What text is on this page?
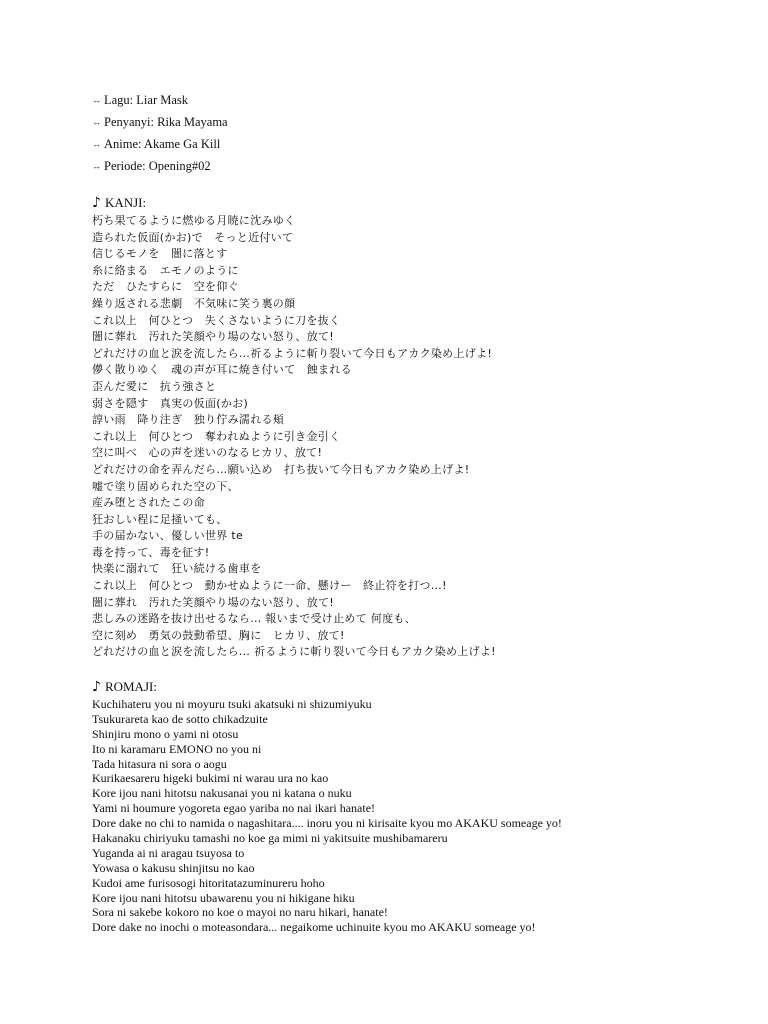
↔ Lagu: Liar Mask
↔ Penyanyi: Rika Mayama
↔ Anime: Akame Ga Kill
↔ Periode: Opening#02
♪ KANJI:
朽ち果てるように燃ゆる月暁に沈みゆく
造られた仮面(かお)で　そっと近付いて
信じるモノを　闇に落とす
糸に絡まる　エモノのように
ただ　ひたすらに　空を仰ぐ
繰り返される悲劇　不気味に笑う裏の顔
これ以上　何ひとつ　失くさないように刀を抜く
闇に葬れ　汚れた笑顔やり場のない怒り、放て!
どれだけの血と涙を流したら…祈るように斬り裂いて今日もアカク染め上げよ!
儚く散りゆく　魂の声が耳に焼き付いて　蝕まれる
歪んだ愛に　抗う強さと
弱さを隠す　真実の仮面(かお)
諄い雨　降り注ぎ　独り佇み濡れる頬
これ以上　何ひとつ　奪われぬように引き金引く
空に叫べ　心の声を迷いのなるヒカリ、放て!
どれだけの命を弄んだら…願い込め　打ち抜いて今日もアカク染め上げよ!
嘘で塗り固められた空の下、
産み堕とされたこの命
狂おしい程に足掻いても、
手の届かない、優しい世界 te
毒を持って、毒を征す!
快楽に溺れて　狂い続ける歯車を
これ以上　何ひとつ　動かせぬように一命、懸けー　終止符を打つ…!
闇に葬れ　汚れた笑顔やり場のない怒り、放て!
悲しみの迷路を抜け出せるなら… 報いまで受け止めて 何度も、
空に刻め　勇気の鼓動希望、胸に　ヒカリ、放て!
どれだけの血と涙を流したら… 祈るように斬り裂いて今日もアカク染め上げよ!
♪ ROMAJI:
Kuchihateru you ni moyuru tsuki akatsuki ni shizumiyuku
Tsukurareta kao de sotto chikadzuite
Shinjiru mono o yami ni otosu
Ito ni karamaru EMONO no you ni
Tada hitasura ni sora o aogu
Kurikaesareru higeki bukimi ni warau ura no kao
Kore ijou nani hitotsu nakusanai you ni katana o nuku
Yami ni houmure yogoreta egao yariba no nai ikari hanate!
Dore dake no chi to namida o nagashitara.... inoru you ni kirisaite kyou mo AKAKU someage yo!
Hakanaku chiriyuku tamashi no koe ga mimi ni yakitsuite mushibamareru
Yuganda ai ni aragau tsuyosa to
Yowasa o kakusu shinjitsu no kao
Kudoi ame furisosogi hitoritatazuminureru hoho
Kore ijou nani hitotsu ubawarenu you ni hikigane hiku
Sora ni sakebe kokoro no koe o mayoi no naru hikari, hanate!
Dore dake no inochi o moteasondara... negaikome uchinuite kyou mo AKAKU someage yo!
